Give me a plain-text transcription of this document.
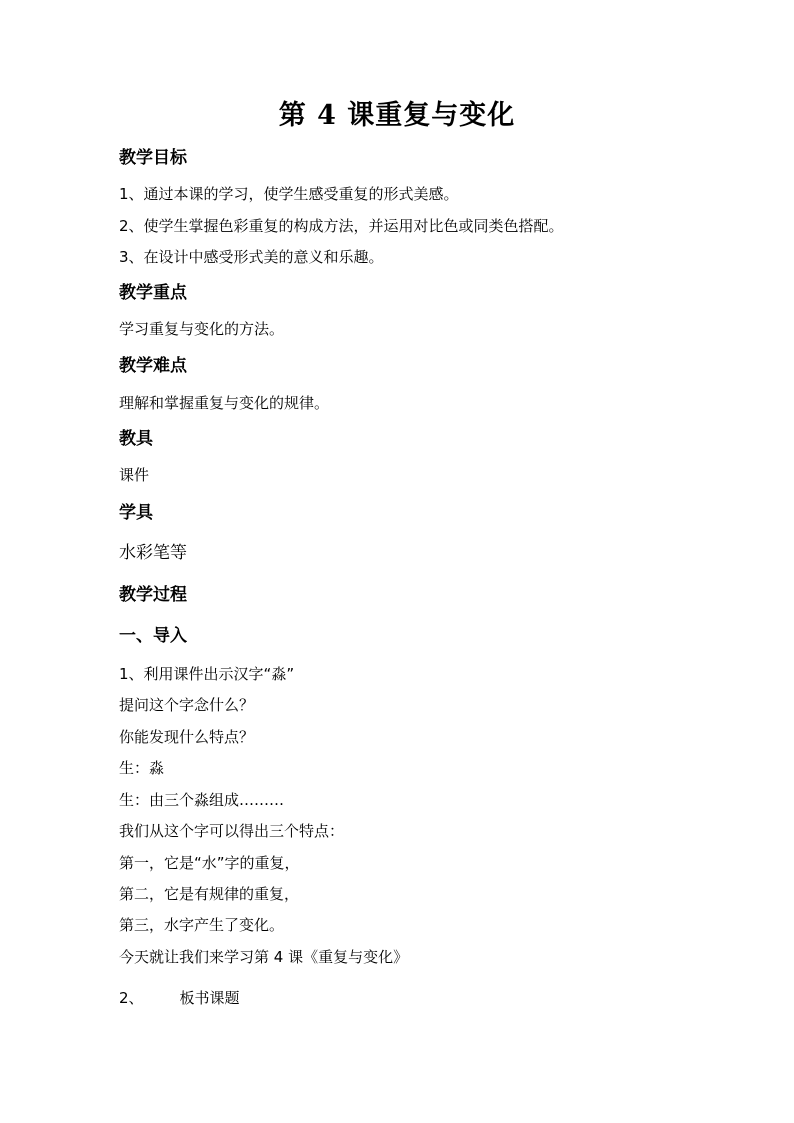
第 4 课重复与变化
教学目标
1、通过本课的学习，使学生感受重复的形式美感。
2、使学生掌握色彩重复的构成方法，并运用对比色或同类色搭配。
3、在设计中感受形式美的意义和乐趣。
教学重点
学习重复与变化的方法。
教学难点
理解和掌握重复与变化的规律。
教具
课件
学具
水彩笔等
教学过程
一、导入
1、利用课件出示汉字“淼”
提问这个字念什么？
你能发现什么特点？
生：淼
生：由三个淼组成………
我们从这个字可以得出三个特点：
第一，它是“水”字的重复，
第二，它是有规律的重复，
第三，水字产生了变化。
今天就让我们来学习第 4 课《重复与变化》
2、 板书课题
